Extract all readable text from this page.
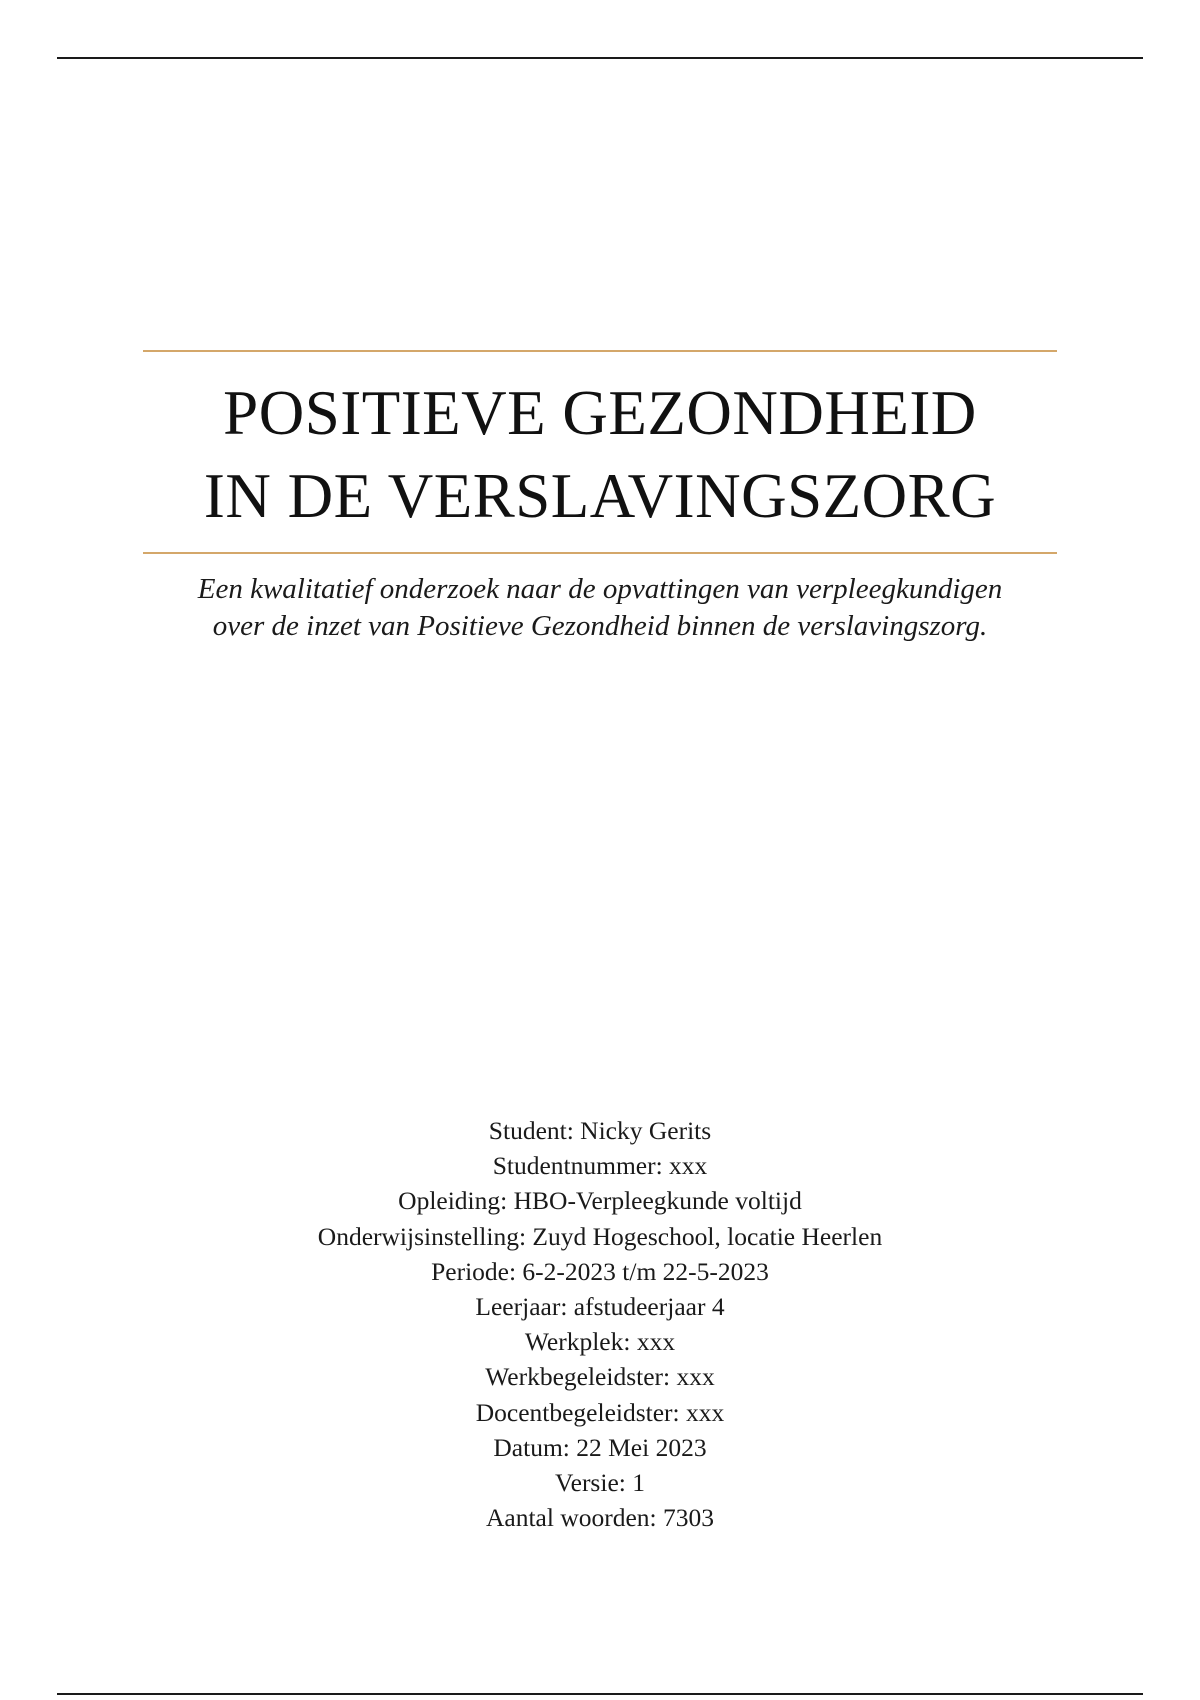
POSITIEVE GEZONDHEID
IN DE VERSLAVINGSZORG

Een kwalitatief onderzoek naar de opvattingen van verpleegkundigen
over de inzet van Positieve Gezondheid binnen de verslavingszorg.

Student: Nicky Gerits
Studentnummer: xxx
Opleiding: HBO-Verpleegkunde voltijd
Onderwijsinstelling: Zuyd Hogeschool, locatie Heerlen
Periode: 6-2-2023 t/m 22-5-2023
Leerjaar: afstudeerjaar 4
Werkplek: xxx
Werkbegeleidster: xxx
Docentbegeleidster: xxx
Datum: 22 Mei 2023
Versie: 1
Aantal woorden: 7303
